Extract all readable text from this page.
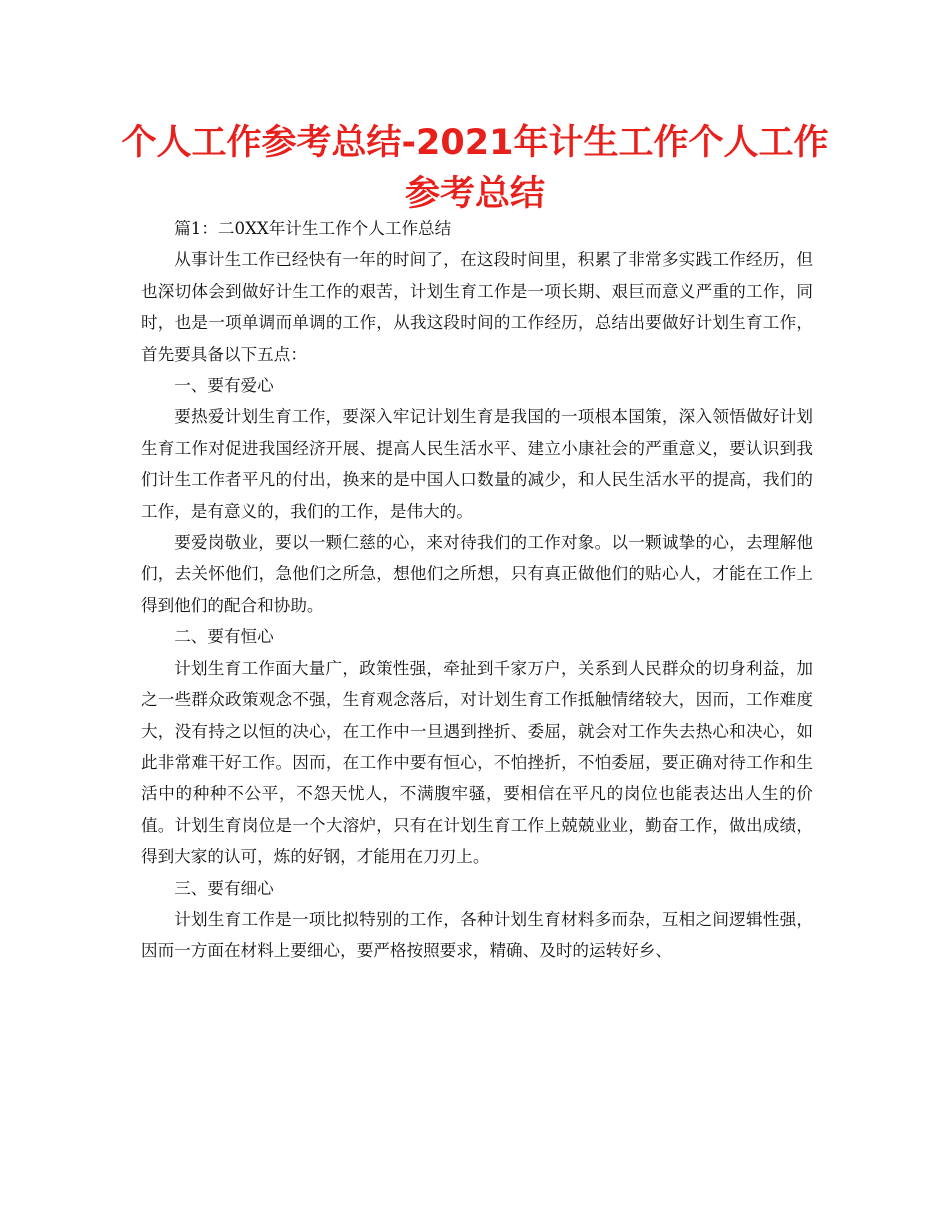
个人工作参考总结-2021年计生工作个人工作参考总结

篇1：二0XX年计生工作个人工作总结

从事计生工作已经快有一年的时间了，在这段时间里，积累了非常多实践工作经历，但也深切体会到做好计生工作的艰苦，计划生育工作是一项长期、艰巨而意义严重的工作，同时，也是一项单调而单调的工作，从我这段时间的工作经历，总结出要做好计划生育工作，首先要具备以下五点：

一、要有爱心

要热爱计划生育工作，要深入牢记计划生育是我国的一项根本国策，深入领悟做好计划生育工作对促进我国经济开展、提高人民生活水平、建立小康社会的严重意义，要认识到我们计生工作者平凡的付出，换来的是中国人口数量的减少，和人民生活水平的提高，我们的工作，是有意义的，我们的工作，是伟大的。

要爱岗敬业，要以一颗仁慈的心，来对待我们的工作对象。以一颗诚挚的心，去理解他们，去关怀他们，急他们之所急，想他们之所想，只有真正做他们的贴心人，才能在工作上得到他们的配合和协助。

二、要有恒心

计划生育工作面大量广，政策性强，牵扯到千家万户，关系到人民群众的切身利益，加之一些群众政策观念不强，生育观念落后，对计划生育工作抵触情绪较大，因而，工作难度大，没有持之以恒的决心，在工作中一旦遇到挫折、委屈，就会对工作失去热心和决心，如此非常难干好工作。因而，在工作中要有恒心，不怕挫折，不怕委屈，要正确对待工作和生活中的种种不公平，不怨天忧人，不满腹牢骚，要相信在平凡的岗位也能表达出人生的价值。计划生育岗位是一个大溶炉，只有在计划生育工作上兢兢业业，勤奋工作，做出成绩，得到大家的认可，炼的好钢，才能用在刀刃上。

三、要有细心

计划生育工作是一项比拟特别的工作，各种计划生育材料多而杂，互相之间逻辑性强，因而一方面在材料上要细心，要严格按照要求，精确、及时的运转好乡、
